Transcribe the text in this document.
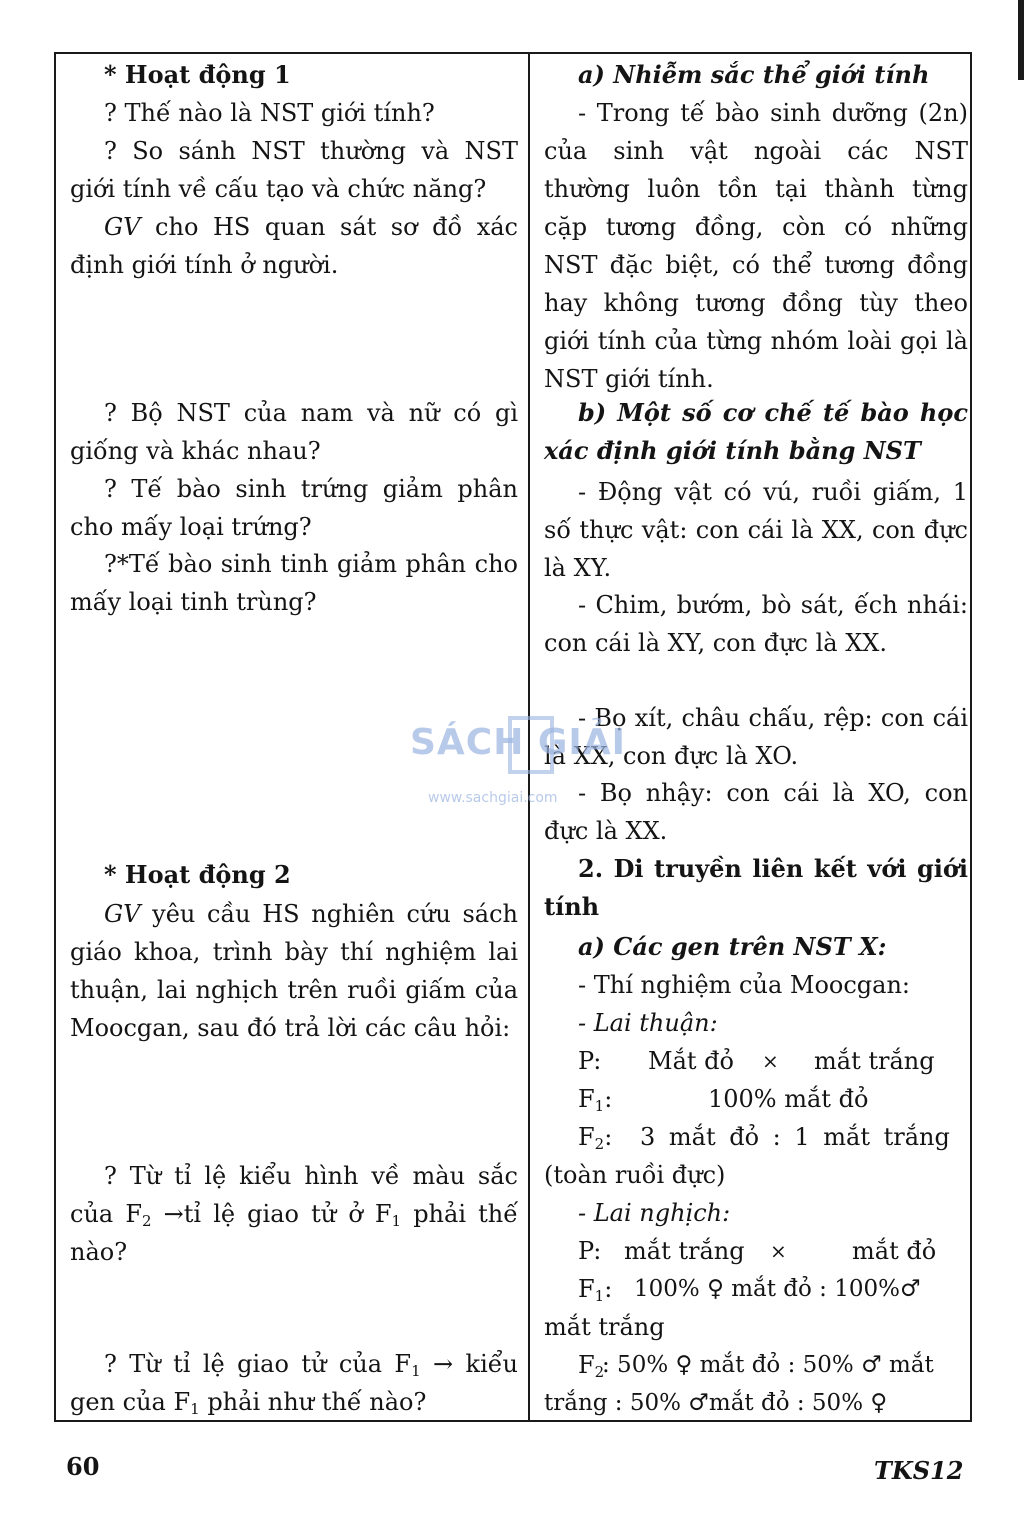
* Hoạt động 1
? Thế nào là NST giới tính?
? So sánh NST thường và NST giới tính về cấu tạo và chức năng?
GV cho HS quan sát sơ đồ xác định giới tính ở người.
? Bộ NST của nam và nữ có gì giống và khác nhau?
? Tế bào sinh trứng giảm phân cho mấy loại trứng?
?*Tế bào sinh tinh giảm phân cho mấy loại tinh trùng?
* Hoạt động 2
GV yêu cầu HS nghiên cứu sách giáo khoa, trình bày thí nghiệm lai thuận, lai nghịch trên ruồi giấm của Moocgan, sau đó trả lời các câu hỏi:
? Từ tỉ lệ kiểu hình về màu sắc của $F_2$ →tỉ lệ giao tử ở $F_1$ phải thế nào?
? Từ tỉ lệ giao tử của $F_1$ → kiểu gen của $F_1$ phải như thế nào?
a) Nhiễm sắc thể giới tính
- Trong tế bào sinh dưỡng (2n) của sinh vật ngoài các NST thường luôn tồn tại thành từng cặp tương đồng, còn có những NST đặc biệt, có thể tương đồng hay không tương đồng tùy theo giới tính của từng nhóm loài gọi là NST giới tính.
b) Một số cơ chế tế bào học xác định giới tính bằng NST
- Động vật có vú, ruồi giấm, 1 số thực vật: con cái là XX, con đực là XY.
- Chim, bướm, bò sát, ếch nhái: con cái là XY, con đực là XX.
- Bọ xít, châu chấu, rệp: con cái là XX, con đực là XO.
- Bọ nhậy: con cái là XO, con đực là XX.
2. Di truyền liên kết với giới tính
a) Các gen trên NST X:
- Thí nghiệm của Moocgan:
- Lai thuận:
P: Mắt đỏ × mắt trắng
$F_1$:	100% mắt đỏ
$F_2$: 3 mắt đỏ : 1 mắt trắng
(toàn ruồi đực)
- Lai nghịch:
P: mắt trắng ×	mắt đỏ
$F_1$: 100% ♀ mắt đỏ : 100%♂
mắt trắng
$F_2$
: 50% ♀ mắt đỏ : 50% ♂ mắt
trắng : 50% ♂mắt đỏ : 50% ♀
SÁCH GIẢI
www.sachgiai.com
60	TKS12
